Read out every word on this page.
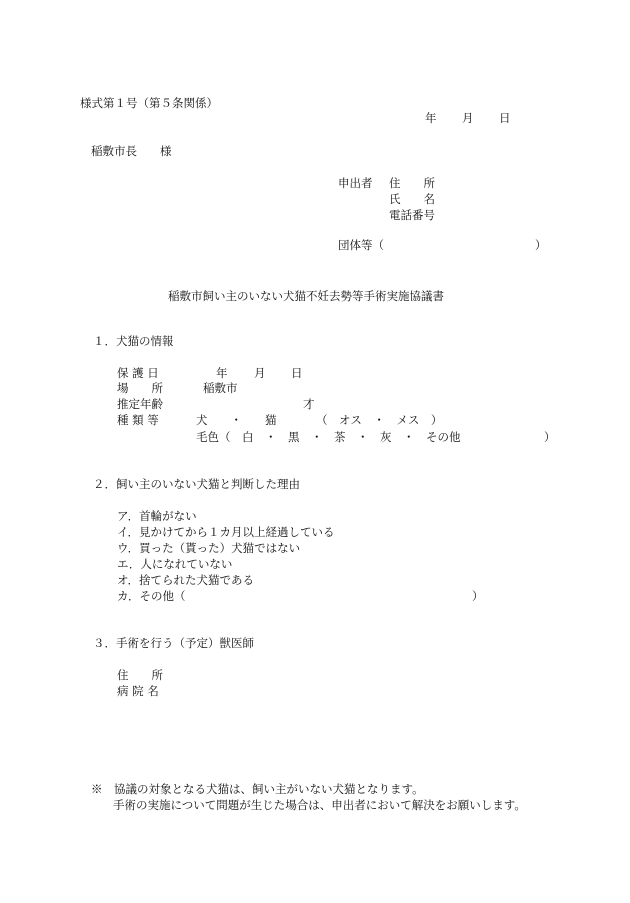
様式第１号（第５条関係）
年 月 日
稲敷市長　　様
申出者 住　　所
氏　　名
電話番号
団体等（	）
稲敷市飼い主のいない犬猫不妊去勢等手術実施協議書
１．犬猫の情報
保 護 日	年 月 日
場　　所	稲敷市
推定年齢	才
種 類 等	犬　　・　　猫	（　オス　・　メス　）
毛色（　白　・　黒　・　茶　・　灰　・　その他	）
２．飼い主のいない犬猫と判断した理由
ア．首輪がない
イ．見かけてから１カ月以上経過している
ウ．買った（貰った）犬猫ではない
エ．人になれていない
オ．捨てられた犬猫である
カ．その他（	）
３．手術を行う（予定）獣医師
住　　所
病 院 名
※　協議の対象となる犬猫は、飼い主がいない犬猫となります。
手術の実施について問題が生じた場合は、申出者において解決をお願いします。
